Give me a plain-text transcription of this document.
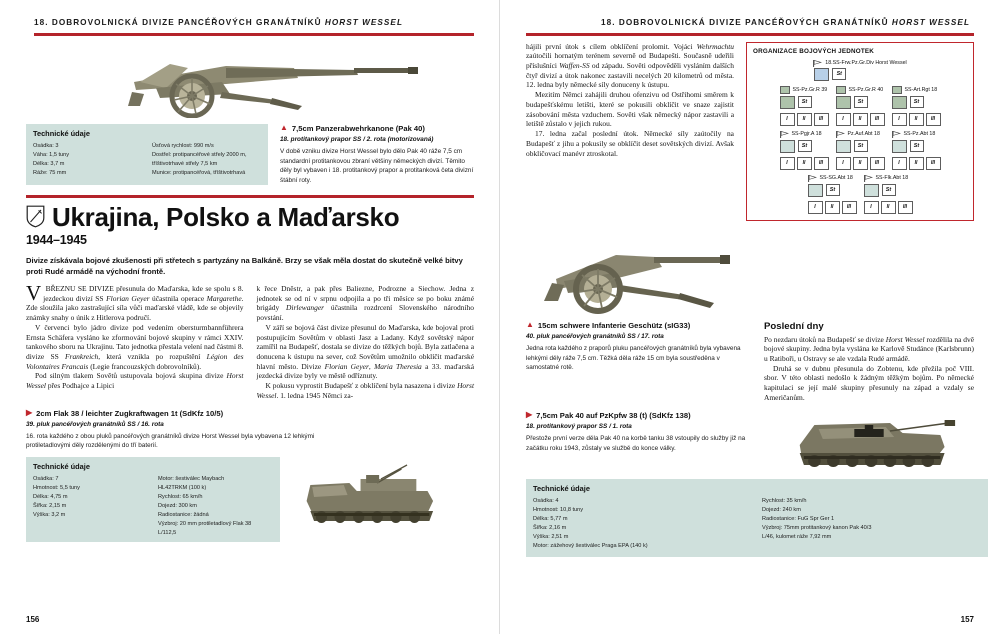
18. DOBROVOLNICKÁ DIVIZE PANCÉŘOVÝCH GRANÁTNÍKŮ HORST WESSEL
Technické údaje
Osádka: 3
Váha: 1,5 tuny
Délka: 3,7 m
Ráže: 75 mm
Úsťová rychlost: 990 m/s
Dostřel: protipancéřové střely 2000 m,
tříštivotrhavé střely 7,5 km
Munice: protipancéřová, tříštivotrhavá
▲ 7,5cm Panzerabwehrkanone (Pak 40)
18. protitankový prapor SS / 2. rota (motorizovaná)
V době vzniku divize Horst Wessel bylo dělo Pak 40 ráže 7,5 cm standardní protitankovou zbraní většiny německých divizí. Těmito děly byl vybaven i 18. protitankový prapor a protitanková četa divizní štábní roty.
Ukrajina, Polsko a Maďarsko
1944–1945
Divize získávala bojové zkušenosti při střetech s partyzány na Balkáně. Brzy se však měla dostat do skutečně velké bitvy proti Rudé armádě na východní frontě.

V BŘEZNU SE DIVIZE přesunula do Maďarska, kde se spolu s 8. jezdeckou divizí SS Florian Geyer účastnila operace Margarethe. Zde sloužila jako zastrašující síla vůči maďarské vládě, kde se objevily známky snahy o únik z Hitlerova područí.

V červenci bylo jádro divize pod vedením obersturmbannführera Ernsta Schäfera vysláno ke zformování bojové skupiny v rámci XXIV. tankového sboru na Ukrajinu. Tato jednotka přestala velení nad částmi 8. divize SS Frankreich, která vznikla po rozpuštění Légion des Volontaires Francais (Legie francouzských dobrovolníků).

Pod silným tlakem Sovětů ustupovala bojová skupina divize Horst Wessel přes Podhajce a Lipici

k řece Dněstr, a pak přes Baliezne, Podrozne a Siechow. Jedna z jednotek se od ní v srpnu odpojila a po tři měsíce se po boku známé brigády Dirlewanger účastnila rozdrcení Slovenského národního povstání.

V září se bojová část divize přesunul do Maďarska, kde bojoval proti postupujícím Sovětům v oblasti Jasz a Ladany. Když sovětský nápor zamířil na Budapešť, dostala se divize do těžkých bojů. Byla zatlačena a donucena k ústupu na sever, což Sovětům umožnilo obklíčit maďarské hlavní město. Divize Florian Geyer, Maria Theresia a 33. maďarská jezdecká divize byly ve městě odříznuty.

K pokusu vyprostit Budapešť z obklíčení byla nasazena i divize Horst Wessel. 1. ledna 1945 Němci za-

▶ 2cm Flak 38 / leichter Zugkraftwagen 1t (SdKfz 10/5)
39. pluk pancéřových granátníků SS / 16. rota
16. rota každého z obou pluků pancéřových granátníků divize Horst Wessel byla vybavena 12 lehkými protiletadlovými děly rozdělenými do tří baterií.
Technické údaje
Osádka: 7
Hmotnost: 5,5 tuny
Délka: 4,75 m
Šířka: 2,15 m
Výška: 3,2 m
Motor: šestiválec Maybach
HL42TRKM (100 k)
Rychlost: 65 km/h
Dojezd: 300 km
Radiostanice: žádná
Výzbroj: 20 mm protiletadlový Flak 38
L/112,5
156
18. DOBROVOLNICKÁ DIVIZE PANCÉŘOVÝCH GRANÁTNÍKŮ HORST WESSEL

hájili první útok s cílem obklíčení prolomit. Vojáci Wehrmachtu zaútočili hornatým terénem severně od Budapešti. Současně udeřili příslušníci Waffen-SS od západu. Sověti odpověděli vysláním dalších čtyř divizí a útok nakonec zastavili necelých 20 kilometrů od města. 12. ledna byly německé síly donuceny k ústupu.

Mezitím Němci zahájili druhou ofenzivu od Ostřihomi směrem k budapešťskému letišti, které se pokusili obklíčit ve snaze zajistit zásobování města vzduchem. Sověti však německý nápor zastavili a letiště zůstalo v jejich rukou.

17. ledna začal poslední útok. Německé síly zaútočily na Budapešť z jihu a pokusily se obklíčit deset sovětských divizí. Avšak obkličovací manévr ztroskotal.

ORGANIZACE BOJOVÝCH JEDNOTEK
18.SS-Frw.Pz.Gr.Div Horst Wessel
St
SS-Pz.Gr.R 39
St
I	II	III
SS-Pz.Gr.R 40
St
I	II	III
SS-Art.Rgt 18
St
I	II	III
SS-Pgjr.A 18
St
I	II	III
Pz.Auf.Abt 18
St
I	II	III
SS-Pz.Abt 18
St
I	II	III
SS-SG.Abt 18
St
I	II	III
SS-Flk.Abt 18
St
I	II	III
▲ 15cm schwere Infanterie Geschütz (sIG33)
40. pluk pancéřových granátníků SS / 17. rota
Jedna rota každého z praporů pluku pancéřových granátníků byla vybavena lehkými děly ráže 7,5 cm. Těžká děla ráže 15 cm byla soustředěna v samostatné rotě.
Poslední dny

Po nezdaru útoků na Budapešť se divize Horst Wessel rozdělila na dvě bojové skupiny. Jedna byla vyslána ke Karlově Studánce (Karlsbrunn) u Ratiboři, u Ostravy se ale vzdala Rudé armádě.

Druhá se v dubnu přesunula do Zobtenu, kde přežila poč VIII. sbor. V této oblasti nedošlo k žádným těžkým bojům. Po německé kapitulaci se její malé skupiny přesunuly na západ a vzdaly se Američanům.

▶ 7,5cm Pak 40 auf PzKpfw 38 (t) (SdKfz 138)
18. protitankový prapor SS / 1. rota
Přestože první verze děla Pak 40 na korbě tanku 38 vstoupily do služby již na začátku roku 1943, zůstaly ve službě do konce války.
Technické údaje
Osádka: 4
Hmotnost: 10,8 tuny
Délka: 5,77 m
Šířka: 2,16 m
Výška: 2,51 m
Motor: zážehový šestiválec Praga EPA (140 k)
Rychlost: 35 km/h
Dojezd: 240 km
Radiostanice: FuG Spr Ger 1
Výzbroj: 75mm protitankový kanon Pak 40/3
L/46, kulomet ráže 7,92 mm
157
